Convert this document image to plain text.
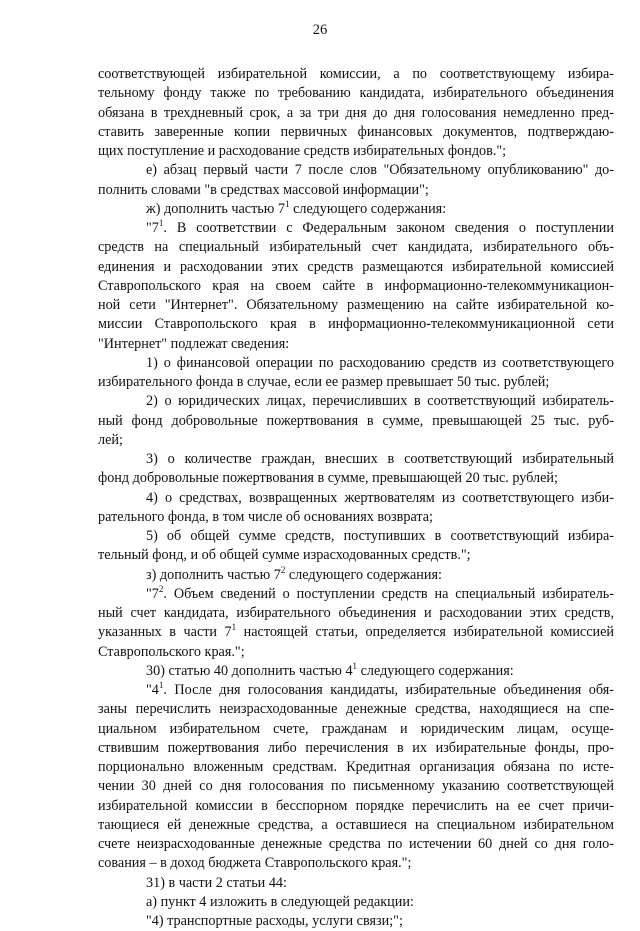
26
соответствующей избирательной комиссии, а по соответствующему избира-
тельному фонду также по требованию кандидата, избирательного объединения
обязана в трехдневный срок, а за три дня до дня голосования немедленно пред-
ставить заверенные копии первичных финансовых документов, подтверждаю-
щих поступление и расходование средств избирательных фондов.";
е) абзац первый части 7 после слов "Обязательному опубликованию" до-
полнить словами "в средствах массовой информации";
ж) дополнить частью $7^1$ следующего содержания:
"$7^1$. В соответствии с Федеральным законом сведения о поступлении
средств на специальный избирательный счет кандидата, избирательного объ-
единения и расходовании этих средств размещаются избирательной комиссией
Ставропольского края на своем сайте в информационно-телекоммуникацион-
ной сети "Интернет". Обязательному размещению на сайте избирательной ко-
миссии Ставропольского края в информационно-телекоммуникационной сети
"Интернет" подлежат сведения:
1) о финансовой операции по расходованию средств из соответствующего
избирательного фонда в случае, если ее размер превышает 50 тыс. рублей;
2) о юридических лицах, перечисливших в соответствующий избиратель-
ный фонд добровольные пожертвования в сумме, превышающей 25 тыс. руб-
лей;
3) о количестве граждан, внесших в соответствующий избирательный
фонд добровольные пожертвования в сумме, превышающей 20 тыс. рублей;
4) о средствах, возвращенных жертвователям из соответствующего изби-
рательного фонда, в том числе об основаниях возврата;
5) об общей сумме средств, поступивших в соответствующий избира-
тельный фонд, и об общей сумме израсходованных средств.";
з) дополнить частью $7^2$ следующего содержания:
"$7^2$. Объем сведений о поступлении средств на специальный избиратель-
ный счет кандидата, избирательного объединения и расходовании этих средств,
указанных в части $7^1$ настоящей статьи, определяется избирательной комиссией
Ставропольского края.";
30) статью 40 дополнить частью $4^1$ следующего содержания:
"$4^1$. После дня голосования кандидаты, избирательные объединения обя-
заны перечислить неизрасходованные денежные средства, находящиеся на спе-
циальном избирательном счете, гражданам и юридическим лицам, осуще-
ствившим пожертвования либо перечисления в их избирательные фонды, про-
порционально вложенным средствам. Кредитная организация обязана по исте-
чении 30 дней со дня голосования по письменному указанию соответствующей
избирательной комиссии в бесспорном порядке перечислить на ее счет причи-
тающиеся ей денежные средства, а оставшиеся на специальном избирательном
счете неизрасходованные денежные средства по истечении 60 дней со дня голо-
сования – в доход бюджета Ставропольского края.";
31) в части 2 статьи 44:
а) пункт 4 изложить в следующей редакции:
"4) транспортные расходы, услуги связи;";
